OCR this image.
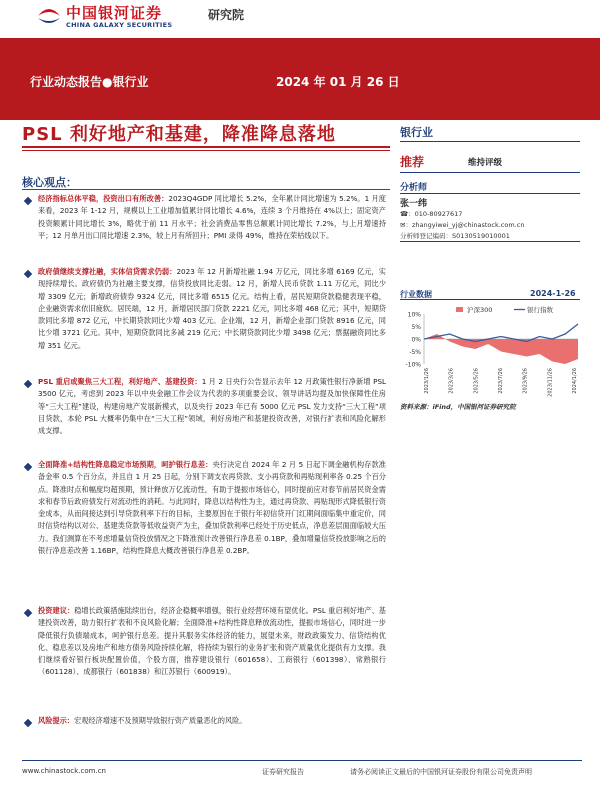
中国银河证券
CHINA GALAXY SECURITIES
研究院
行业动态报告●银行业	2024 年 01 月 26 日
PSL 利好地产和基建，降准降息落地	银行业
推荐	维持评级
分析师
张一纬
☎：010-80927617
✉：zhangyiwei_yj@chinastock.com.cn
分析师登记编码：S0130519010001
行业数据	2024-1-26
10%
5%
0%
-5%
-10%
沪深300	银行指数
2023/1/26	2023/3/26	2023/5/26	2023/7/26	2023/9/26	2023/11/26	2024/1/26
资料来源：iFind，中国银河证券研究院
核心观点：
经济指标总体平稳，投资出口有所改善：2023Q4GDP 同比增长 5.2%，全年累计同比增速为 5.2%。1 月度来看，2023 年 1-12 月，规模以上工业增加值累计同比增长 4.6%，连续 3 个月维持在 4%以上；固定资产投资额累计同比增长 3%，略优于前 11 月水平；社会消费品零售总额累计同比增长 7.2%，与上月增速持平；12 月单月出口同比增速 2.3%，较上月有所回升；PMI 录得 49%，维持在荣枯线以下。
政府债继续支撑社融，实体信贷需求仍弱：2023 年 12 月新增社融 1.94 万亿元，同比多增 6169 亿元，实现持续增长。政府债仍为社融主要支撑，信贷投放同比走弱。12 月，新增人民币贷款 1.11 万亿元，同比少增 3309 亿元；新增政府债券 9324 亿元，同比多增 6515 亿元。结构上看，居民短期贷款稳健表现平稳，企业融资需求依旧疲软。居民端，12 月，新增居民部门贷款 2221 亿元，同比多增 468 亿元；其中，短期贷款同比多增 872 亿元，中长期贷款同比少增 403 亿元。企业端，12 月，新增企业部门贷款 8916 亿元，同比少增 3721 亿元。其中，短期贷款同比多减 219 亿元；中长期贷款同比少增 3498 亿元；票据融资同比多增 351 亿元。
PSL 重启或聚焦三大工程，利好地产、基建投资：1 月 2 日央行公告显示去年 12 月政策性银行净新增 PSL 3500 亿元，考虑到 2023 年以中央金融工作会议为代表的多项重要会议、领导讲话均提及加快保障性住房等“三大工程”建设，构建房地产发展新模式，以及央行 2023 年已有 5000 亿元 PSL 发力支持“三大工程”项目贷款，本轮 PSL 大概率仍集中在“三大工程”领域，利好房地产和基建投资改善，对银行扩表和风险化解形成支撑。
全面降准+结构性降息稳定市场预期，呵护银行息差：央行决定自 2024 年 2 月 5 日起下调金融机构存款准备金率 0.5 个百分点，并且自 1 月 25 日起，分别下调支农再贷款、支小再贷款和再贴现利率各 0.25 个百分点。降准时点和幅度均超预期，预计释放万亿流动性，有助于提振市场信心，同时提前应对春节前居民资金需求和春节后政府债发行对流动性的消耗。与此同时，降息以结构性为主，通过再贷款、再贴现形式降低银行资金成本，从而间接达到引导贷款利率下行的目标，主要原因在于银行年初信贷开门红期间面临集中重定价，同时信贷结构以对公、基建类贷款等低收益资产为主，叠加贷款利率已经处于历史低点，净息差层面面临较大压力。我们测算在不考虑增量信贷投放情况之下降准预计改善银行净息差 0.1BP，叠加增量信贷投放影响之后的银行净息差改善 1.16BP，结构性降息大概改善银行净息差 0.2BP。
投资建议：稳增长政策措施陆续出台，经济企稳概率增强，银行业经营环境有望优化。PSL 重启利好地产、基建投资改善，助力银行扩表和不良风险化解；全面降准+结构性降息释放流动性，提振市场信心，同时进一步降低银行负债端成本，呵护银行息差。提升其服务实体经济的能力，展望未来，财政政策发力、信贷结构优化、稳息差以及房地产和地方债务风险持续化解，将持续为银行的业务扩张和资产质量优化提供有力支撑。我们继续看好银行板块配置价值，个股方面，推荐建设银行（601658）、工商银行（601398）、常熟银行（601128）、成都银行（601838）和江苏银行（600919）。
风险提示：宏观经济增速不及预期导致银行资产质量恶化的风险。
www.chinastock.com.cn	证券研究报告	请务必阅读正文最后的中国银河证券股份有限公司免责声明
